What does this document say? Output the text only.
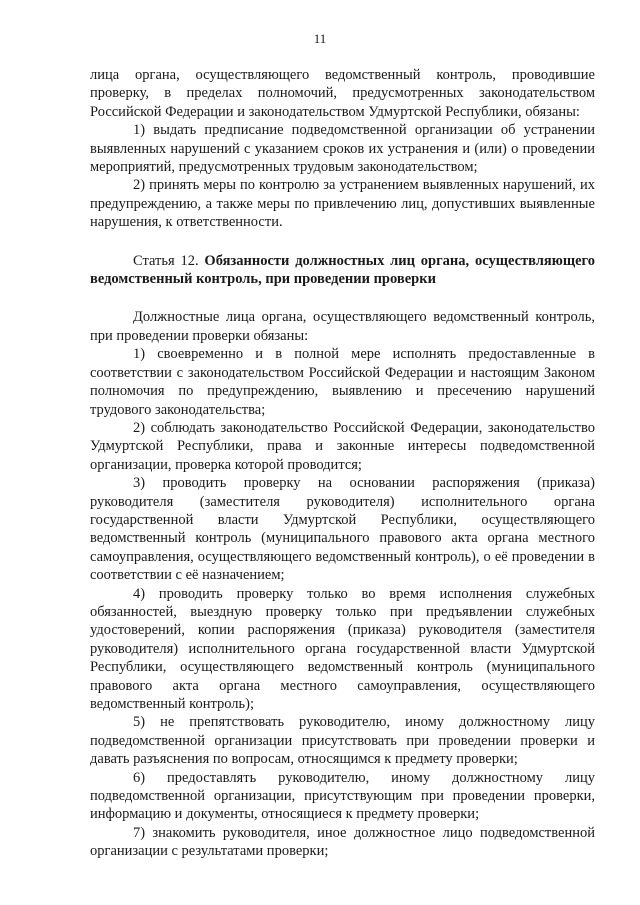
11

лица органа, осуществляющего ведомственный контроль, проводившие проверку, в пределах полномочий, предусмотренных законодательством Российской Федерации и законодательством Удмуртской Республики, обязаны:

1) выдать предписание подведомственной организации об устранении выявленных нарушений с указанием сроков их устранения и (или) о проведении мероприятий, предусмотренных трудовым законодательством;

2) принять меры по контролю за устранением выявленных нарушений, их предупреждению, а также меры по привлечению лиц, допустивших выявленные нарушения, к ответственности.

Статья 12. Обязанности должностных лиц органа, осуществляющего ведомственный контроль, при проведении проверки

Должностные лица органа, осуществляющего ведомственный контроль, при проведении проверки обязаны:

1) своевременно и в полной мере исполнять предоставленные в соответствии с законодательством Российской Федерации и настоящим Законом полномочия по предупреждению, выявлению и пресечению нарушений трудового законодательства;

2) соблюдать законодательство Российской Федерации, законодательство Удмуртской Республики, права и законные интересы подведомственной организации, проверка которой проводится;

3) проводить проверку на основании распоряжения (приказа) руководителя (заместителя руководителя) исполнительного органа государственной власти Удмуртской Республики, осуществляющего ведомственный контроль (муниципального правового акта органа местного самоуправления, осуществляющего ведомственный контроль), о её проведении в соответствии с её назначением;

4) проводить проверку только во время исполнения служебных обязанностей, выездную проверку только при предъявлении служебных удостоверений, копии распоряжения (приказа) руководителя (заместителя руководителя) исполнительного органа государственной власти Удмуртской Республики, осуществляющего ведомственный контроль (муниципального правового акта органа местного самоуправления, осуществляющего ведомственный контроль);

5) не препятствовать руководителю, иному должностному лицу подведомственной организации присутствовать при проведении проверки и давать разъяснения по вопросам, относящимся к предмету проверки;

6) предоставлять руководителю, иному должностному лицу подведомственной организации, присутствующим при проведении проверки, информацию и документы, относящиеся к предмету проверки;

7) знакомить руководителя, иное должностное лицо подведомственной организации с результатами проверки;
